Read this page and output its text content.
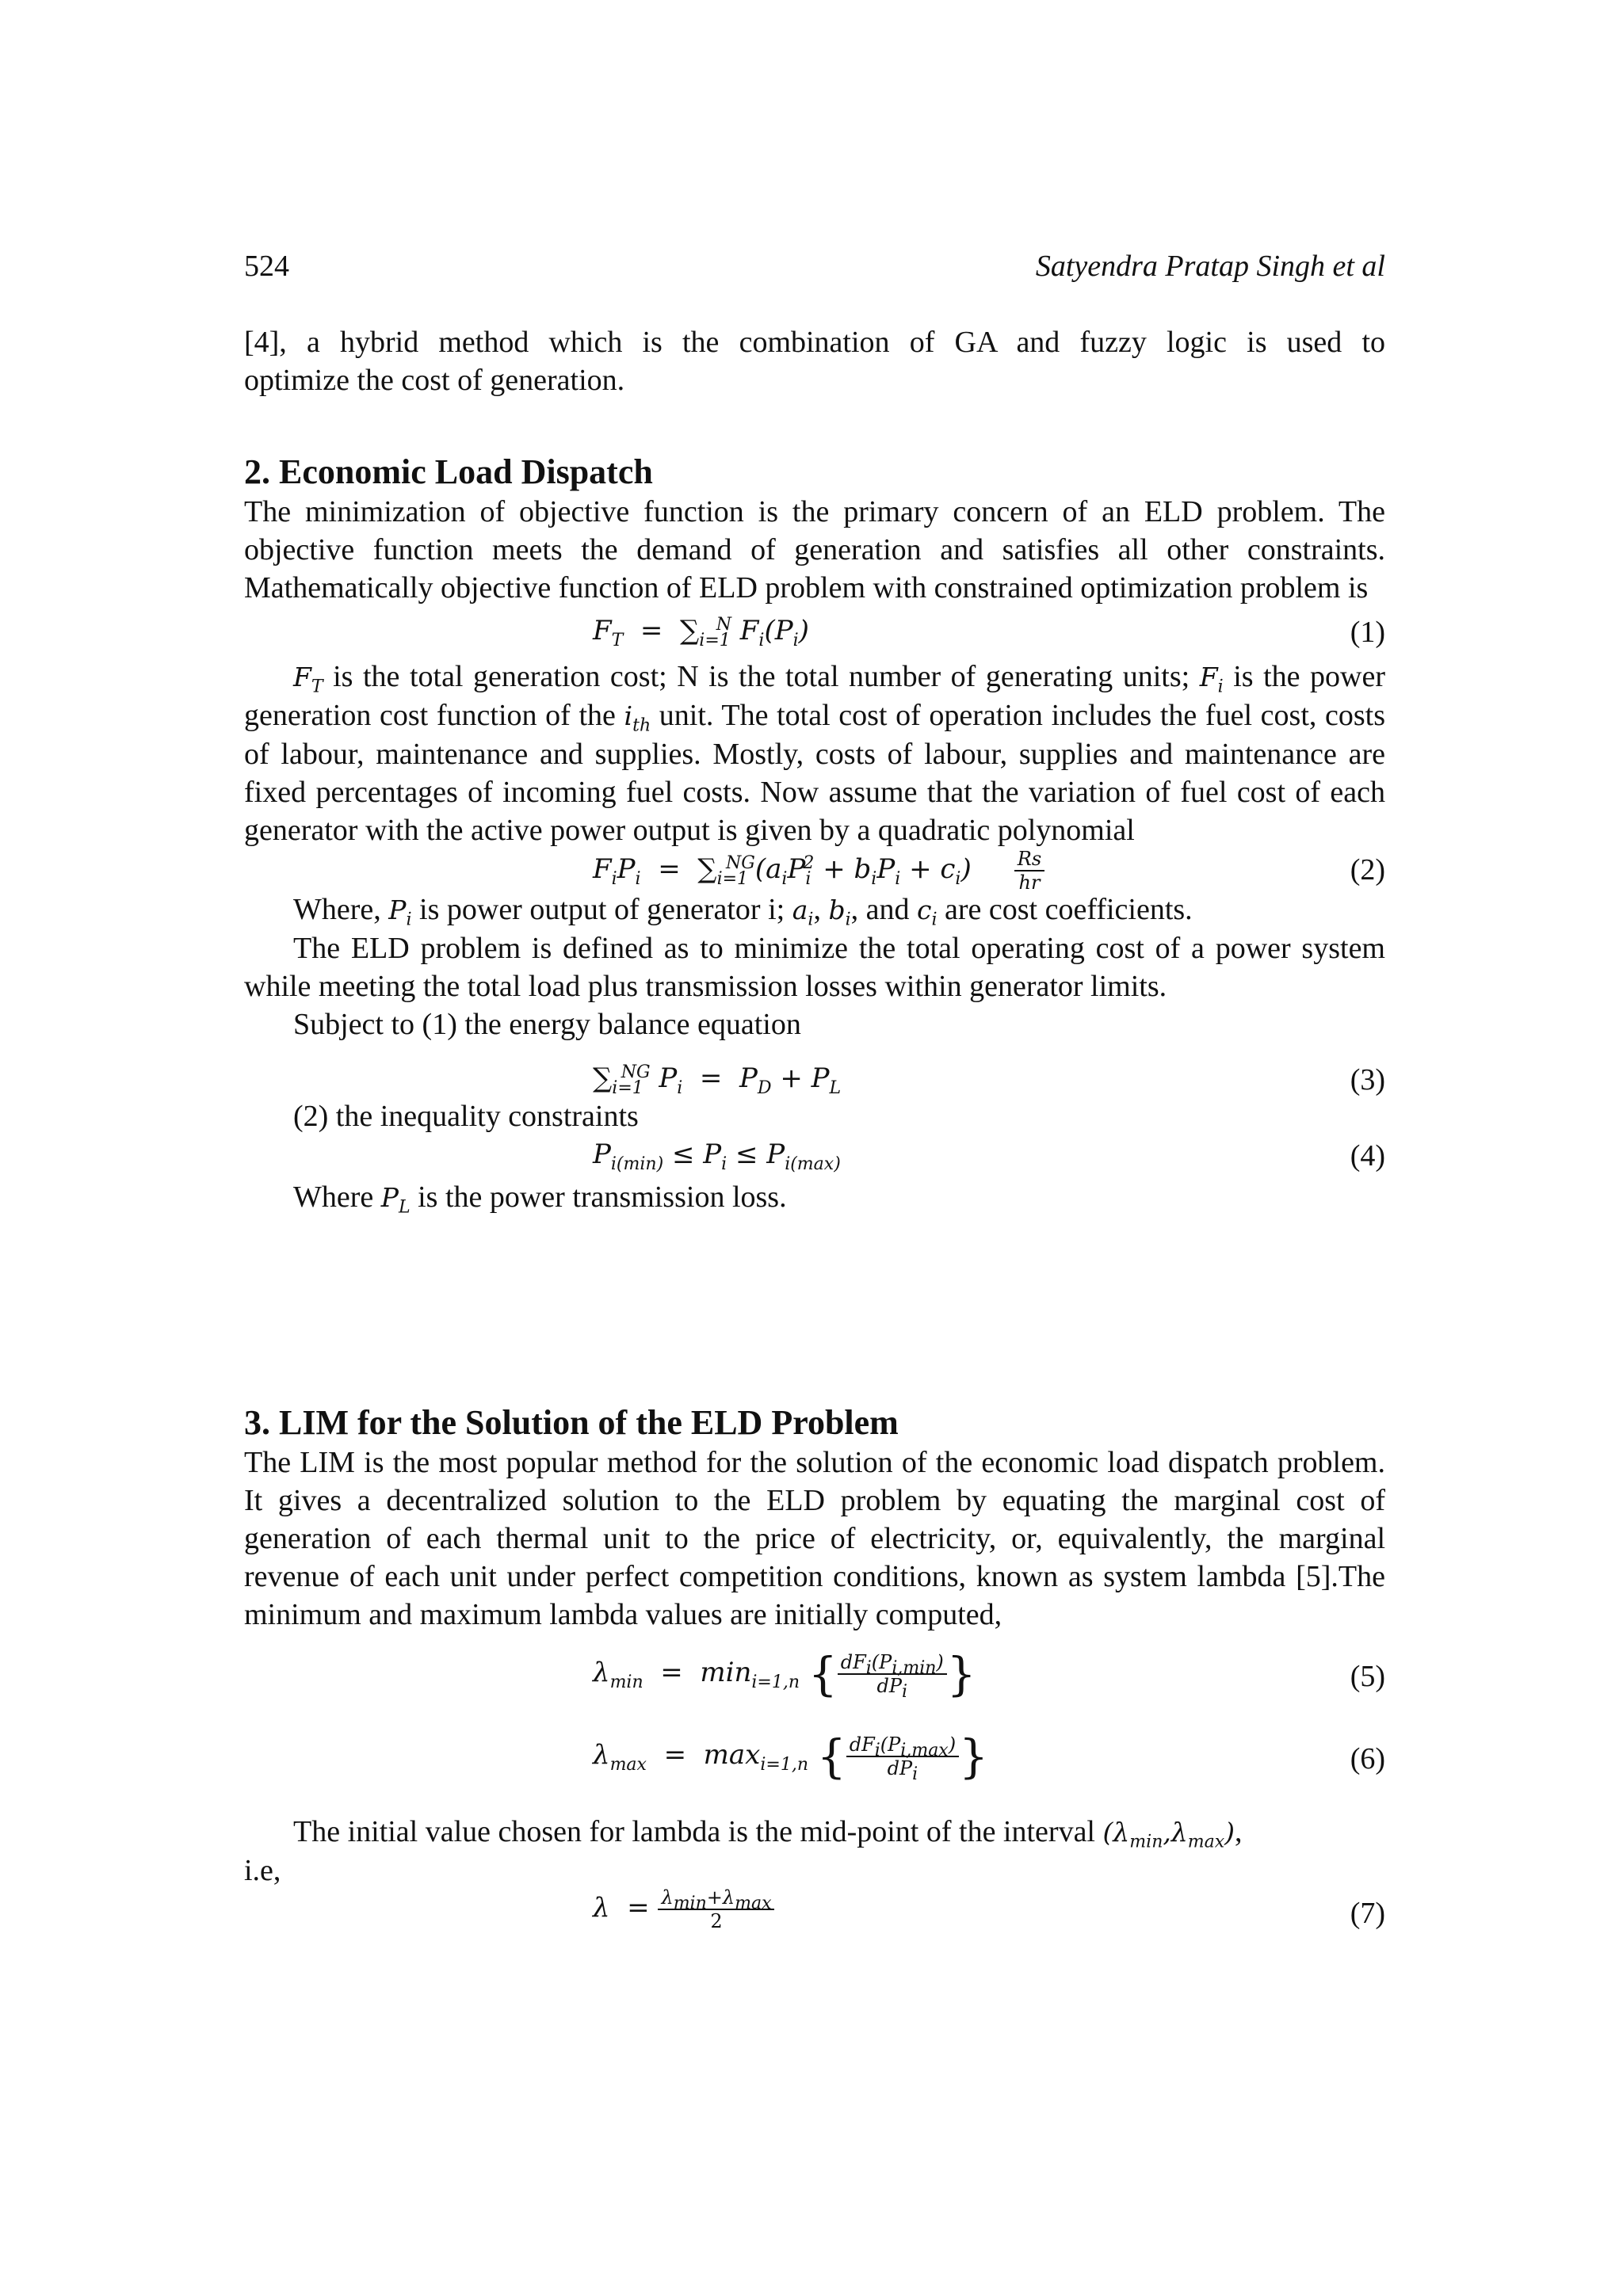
524	Satyendra Pratap Singh et al

[4], a hybrid method which is the combination of GA and fuzzy logic is used to

optimize the cost of generation.

2. Economic Load Dispatch

The minimization of objective function is the primary concern of an ELD problem. The objective function meets the demand of generation and satisfies all other constraints. Mathematically objective function of ELD problem with constrained optimization problem is

$F_T = \sum_{i=1}^N$ $F_i(P_i)$	(1)

$F_T$ is the total generation cost; N is the total number of generating units; $F_i$ is the power generation cost function of the $i_{th}$ unit. The total cost of operation includes the fuel cost, costs of labour, maintenance and supplies. Mostly, costs of labour, supplies and maintenance are fixed percentages of incoming fuel costs. Now assume that the variation of fuel cost of each generator with the active power output is given by a quadratic polynomial

$F_iP_i = \sum_{i=1}^{NG}(a_iP_i^2 + b_iP_i + c_i) \frac{Rs}{hr}$	(2)

Where, $P_i$ is power output of generator i; $a_i$, $b_i$, and $c_i$ are cost coefficients.

The ELD problem is defined as to minimize the total operating cost of a power system while meeting the total load plus transmission losses within generator limits.

Subject to (1) the energy balance equation

$\sum_{i=1}^{NG}$ $P_i = P_D + P_L$	(3)

(2) the inequality constraints

$P_{i(min)} \le P_i \le P_{i(max)}$	(4)

Where $P_L$ is the power transmission loss.

3. LIM for the Solution of the ELD Problem

The LIM is the most popular method for the solution of the economic load dispatch problem. It gives a decentralized solution to the ELD problem by equating the marginal cost of generation of each thermal unit to the price of electricity, or, equivalently, the marginal revenue of each unit under perfect competition conditions, known as system lambda [5].The minimum and maximum lambda values are initially computed,

$\lambda_{min} = \min_{i=1,n}$ { $\frac{dF_i(P_{i,min})}{dP_i}$ }	(5)
$\lambda_{max} = \max_{i=1,n}$ { $\frac{dF_i(P_{i,max})}{dP_i}$ }	(6)

The initial value chosen for lambda is the mid-point of the interval $(\lambda_{min},\lambda_{max})$,

i.e,

$\lambda = \frac{\lambda_{min}+\lambda_{max}}{2}$	(7)
